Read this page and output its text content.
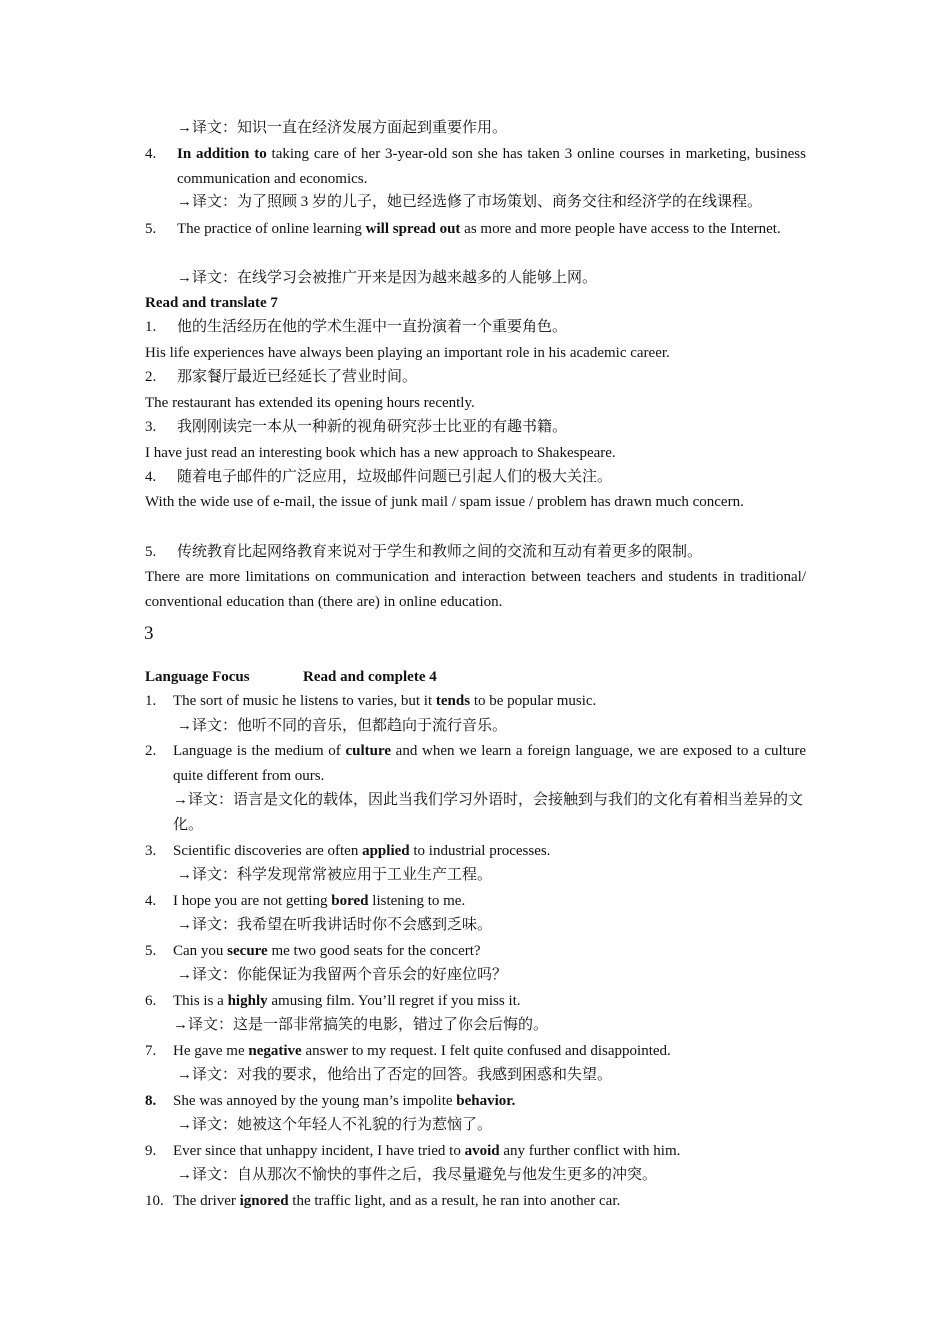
→译文：知识一直在经济发展方面起到重要作用。
4. In addition to taking care of her 3-year-old son she has taken 3 online courses in marketing, business communication and economics.
→译文：为了照顾 3 岁的儿子，她已经选修了市场策划、商务交往和经济学的在线课程。
5. The practice of online learning will spread out as more and more people have access to the Internet.
→译文：在线学习会被推广开来是因为越来越多的人能够上网。
Read and translate 7
1. 他的生活经历在他的学术生涯中一直扮演着一个重要角色。
His life experiences have always been playing an important role in his academic career.
2. 那家餐厅最近已经延长了营业时间。
The restaurant has extended its opening hours recently.
3. 我刚刚读完一本从一种新的视角研究莎士比亚的有趣书籍。
I have just read an interesting book which has a new approach to Shakespeare.
4. 随着电子邮件的广泛应用，垃圾邮件问题已引起人们的极大关注。
With the wide use of e-mail, the issue of junk mail / spam issue / problem has drawn much concern.
5. 传统教育比起网络教育来说对于学生和教师之间的交流和互动有着更多的限制。
There are more limitations on communication and interaction between teachers and students in traditional/ conventional education than (there are) in online education.
3
Language Focus	Read and complete 4
1. The sort of music he listens to varies, but it tends to be popular music.
→译文：他听不同的音乐，但都趋向于流行音乐。
2. Language is the medium of culture and when we learn a foreign language, we are exposed to a culture quite different from ours.
→译文：语言是文化的载体，因此当我们学习外语时，会接触到与我们的文化有着相当差异的文化。
3. Scientific discoveries are often applied to industrial processes.
→译文：科学发现常常被应用于工业生产工程。
4. I hope you are not getting bored listening to me.
→译文：我希望在听我讲话时你不会感到乏味。
5. Can you secure me two good seats for the concert?
→译文：你能保证为我留两个音乐会的好座位吗？
6. This is a highly amusing film. You’ll regret if you miss it.
→译文：这是一部非常搞笑的电影，错过了你会后悔的。
7. He gave me negative answer to my request. I felt quite confused and disappointed.
→译文：对我的要求，他给出了否定的回答。我感到困惑和失望。
8. She was annoyed by the young man’s impolite behavior.
→译文：她被这个年轻人不礼貌的行为惹恼了。
9. Ever since that unhappy incident, I have tried to avoid any further conflict with him.
→译文：自从那次不愉快的事件之后，我尽量避免与他发生更多的冲突。
10. The driver ignored the traffic light, and as a result, he ran into another car.
